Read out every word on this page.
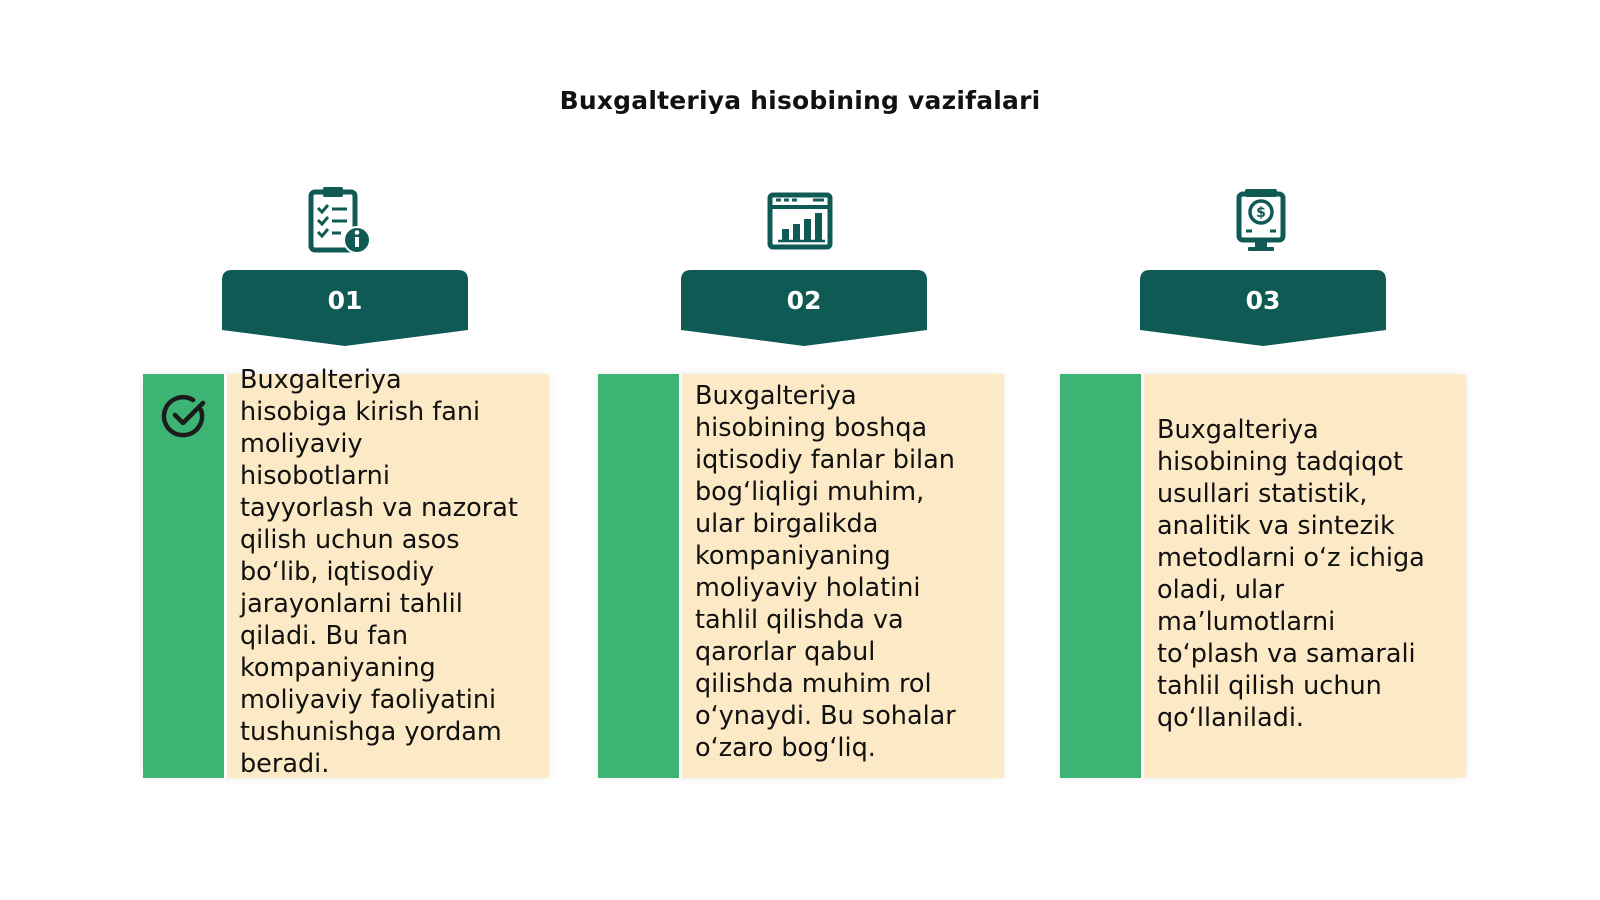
Buxgalteriya hisobining vazifalari
01
Buxgalteriya
hisobiga kirish fani
moliyaviy
hisobotlarni
tayyorlash va nazorat
qilish uchun asos
bo‘lib, iqtisodiy
jarayonlarni tahlil
qiladi. Bu fan
kompaniyaning
moliyaviy faoliyatini
tushunishga yordam
beradi.
02
Buxgalteriya
hisobining boshqa
iqtisodiy fanlar bilan
bog‘liqligi muhim,
ular birgalikda
kompaniyaning
moliyaviy holatini
tahlil qilishda va
qarorlar qabul
qilishda muhim rol
o‘ynaydi. Bu sohalar
o‘zaro bog‘liq.
$
03
Buxgalteriya
hisobining tadqiqot
usullari statistik,
analitik va sintezik
metodlarni o‘z ichiga
oladi, ular
ma’lumotlarni
to‘plash va samarali
tahlil qilish uchun
qo‘llaniladi.
